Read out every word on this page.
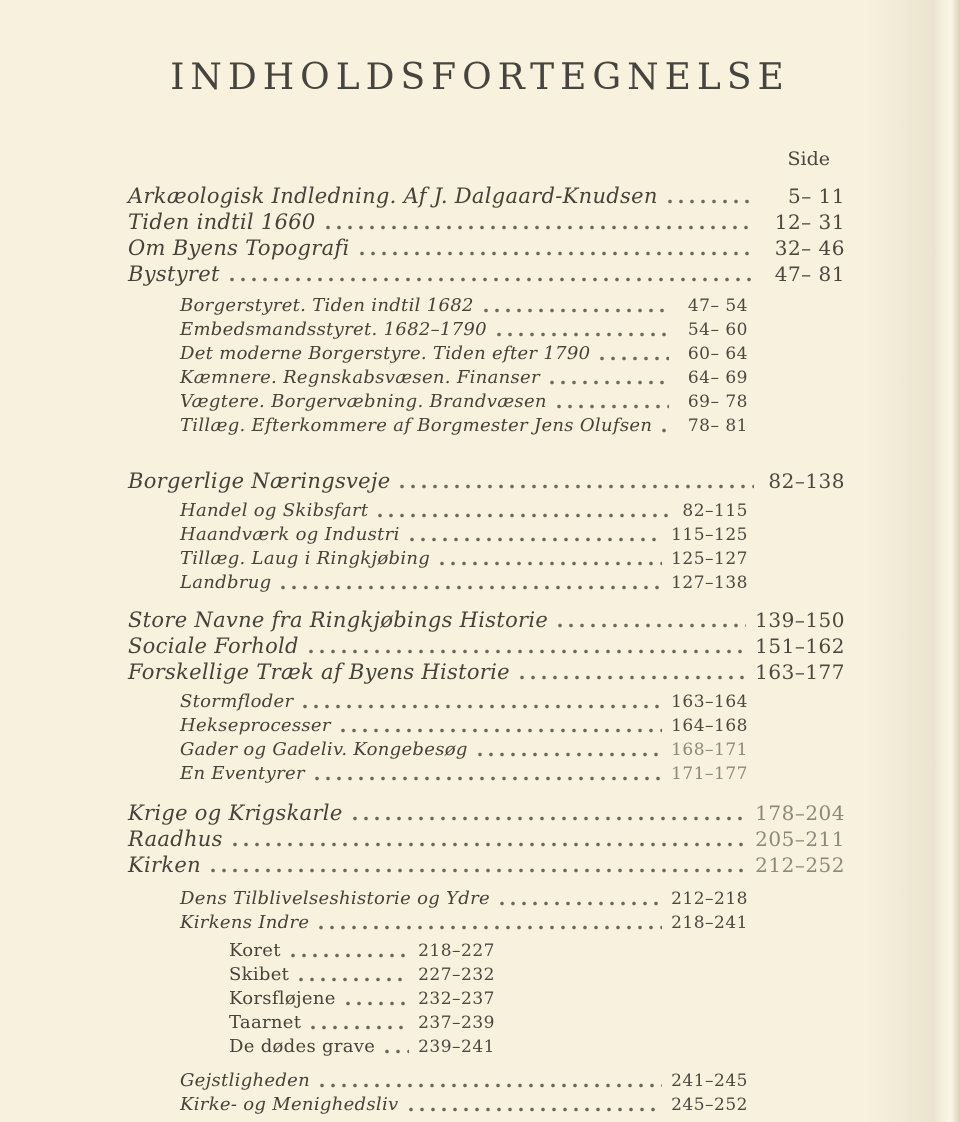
INDHOLDSFORTEGNELSE
Side
Arkæologisk Indledning. Af J. Dalgaard-Knudsen	5– 11
Tiden indtil 1660	12– 31
Om Byens Topografi	32– 46
Bystyret	47– 81
Borgerstyret. Tiden indtil 1682	47– 54
Embedsmandsstyret. 1682–1790	54– 60
Det moderne Borgerstyre. Tiden efter 1790	60– 64
Kæmnere. Regnskabsvæsen. Finanser	64– 69
Vægtere. Borgervæbning. Brandvæsen	69– 78
Tillæg. Efterkommere af Borgmester Jens Olufsen	78– 81
Borgerlige Næringsveje	82–138
Handel og Skibsfart	82–115
Haandværk og Industri	115–125
Tillæg. Laug i Ringkjøbing	125–127
Landbrug	127–138
Store Navne fra Ringkjøbings Historie	139–150
Sociale Forhold	151–162
Forskellige Træk af Byens Historie	163–177
Stormfloder	163–164
Hekseprocesser	164–168
Gader og Gadeliv. Kongebesøg	168–171
En Eventyrer	171–177
Krige og Krigskarle	178–204
Raadhus	205–211
Kirken	212–252
Dens Tilblivelseshistorie og Ydre	212–218
Kirkens Indre	218–241
Koret	218–227
Skibet	227–232
Korsfløjene	232–237
Taarnet	237–239
De dødes grave	239–241
Gejstligheden	241–245
Kirke- og Menighedsliv	245–252
